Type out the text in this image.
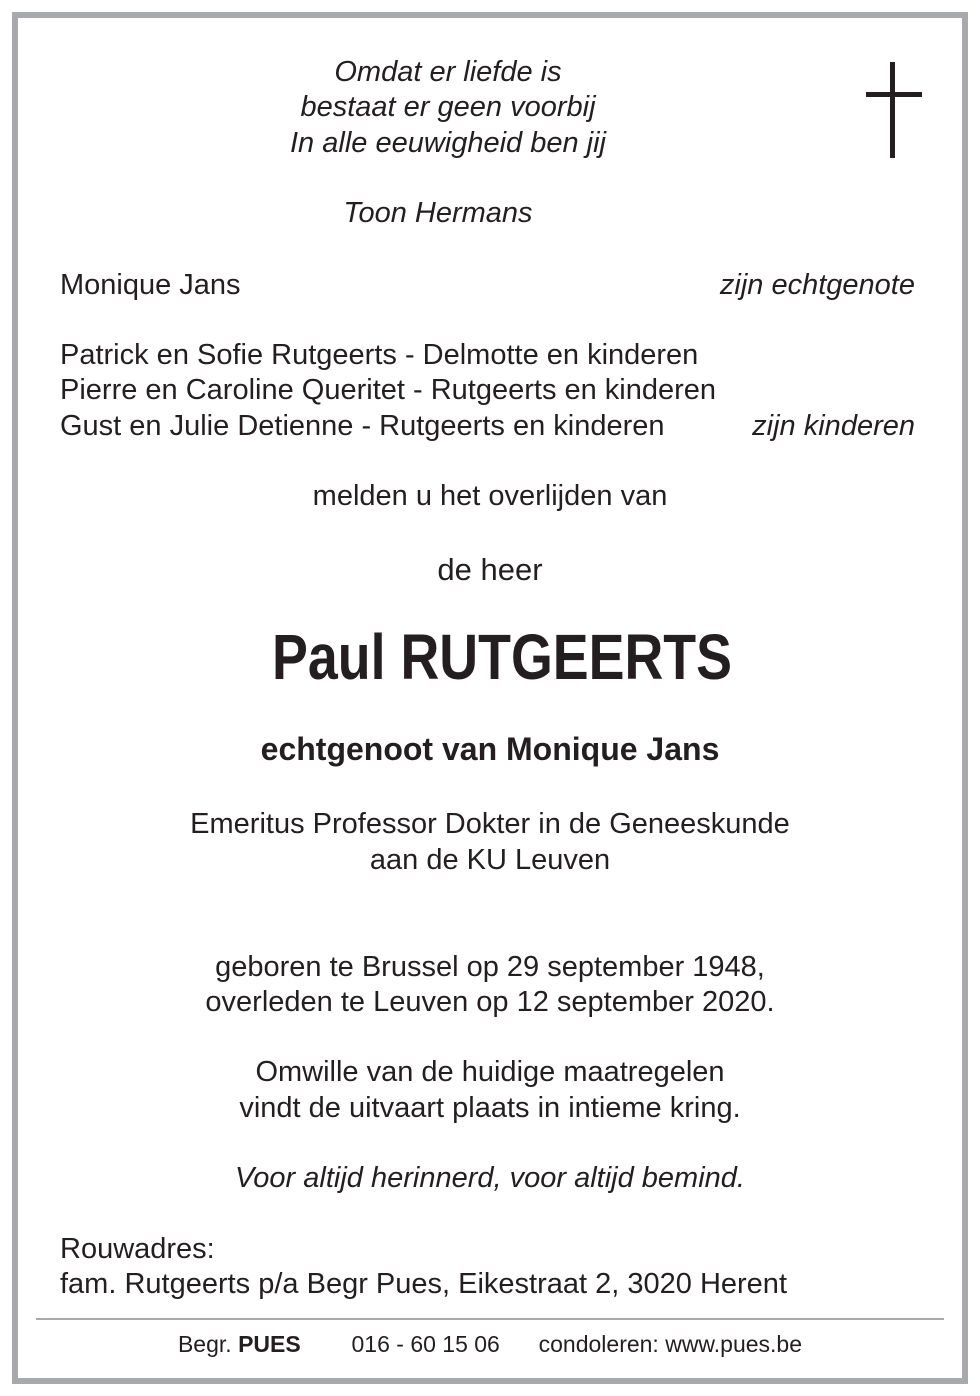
Omdat er liefde is
bestaat er geen voorbij
In alle eeuwigheid ben jij
Toon Hermans
Monique Jans	zijn echtgenote
Patrick en Sofie Rutgeerts - Delmotte en kinderen
Pierre en Caroline Queritet - Rutgeerts en kinderen
Gust en Julie Detienne - Rutgeerts en kinderen	zijn kinderen
melden u het overlijden van
de heer
Paul RUTGEERTS
echtgenoot van Monique Jans
Emeritus Professor Dokter in de Geneeskunde
aan de KU Leuven
geboren te Brussel op 29 september 1948,
overleden te Leuven op 12 september 2020.
Omwille van de huidige maatregelen
vindt de uitvaart plaats in intieme kring.
Voor altijd herinnerd, voor altijd bemind.
Rouwadres:
fam. Rutgeerts p/a Begr Pues, Eikestraat 2, 3020 Herent
Begr. PUES 016 - 60 15 06 condoleren: www.pues.be
